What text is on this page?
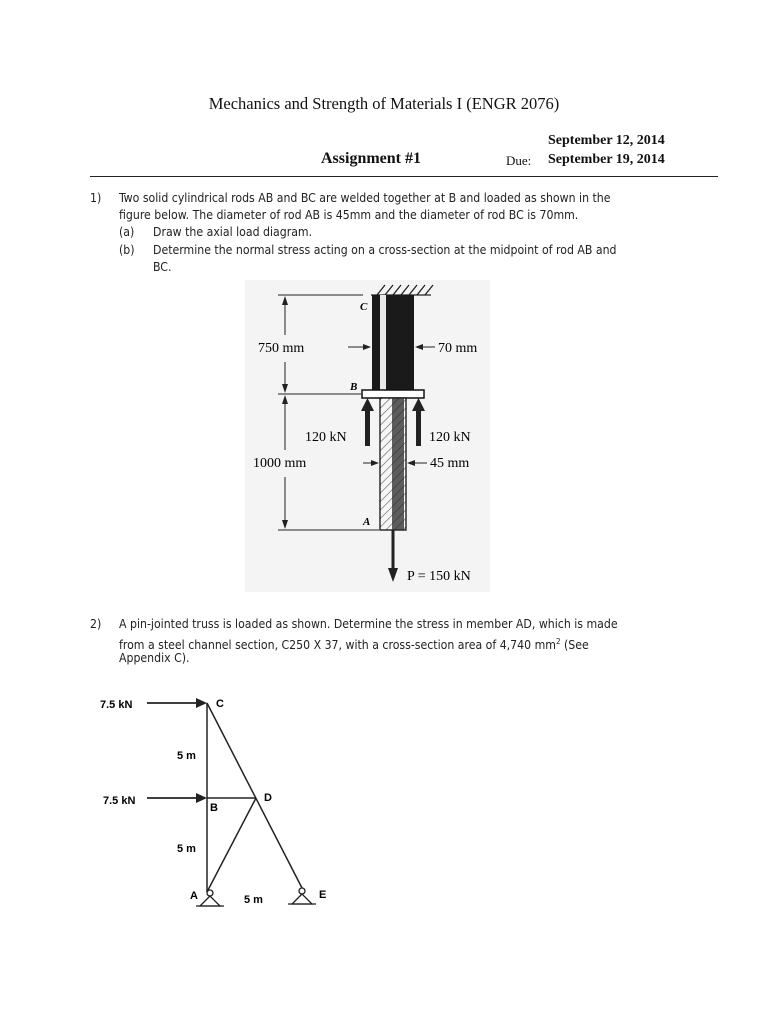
Mechanics and Strength of Materials I (ENGR 2076)
September 12, 2014
Assignment #1	Due: September 19, 2014
1) Two solid cylindrical rods AB and BC are welded together at B and loaded as shown in the
figure below. The diameter of rod AB is 45mm and the diameter of rod BC is 70mm.
(a) Draw the axial load diagram.
(b) Determine the normal stress acting on a cross-section at the midpoint of rod AB and
BC.
C
B
A
750 mm
1000 mm
70 mm
45 mm
120 kN	120 kN
P = 150 kN
2) A pin-jointed truss is loaded as shown. Determine the stress in member AD, which is made
from a steel channel section, C250 X 37, with a cross-section area of 4,740 $mm^2$ (See
Appendix C).
7.5 kN
7.5 kN
C
B
D
A	E
5 m
5 m
5 m
